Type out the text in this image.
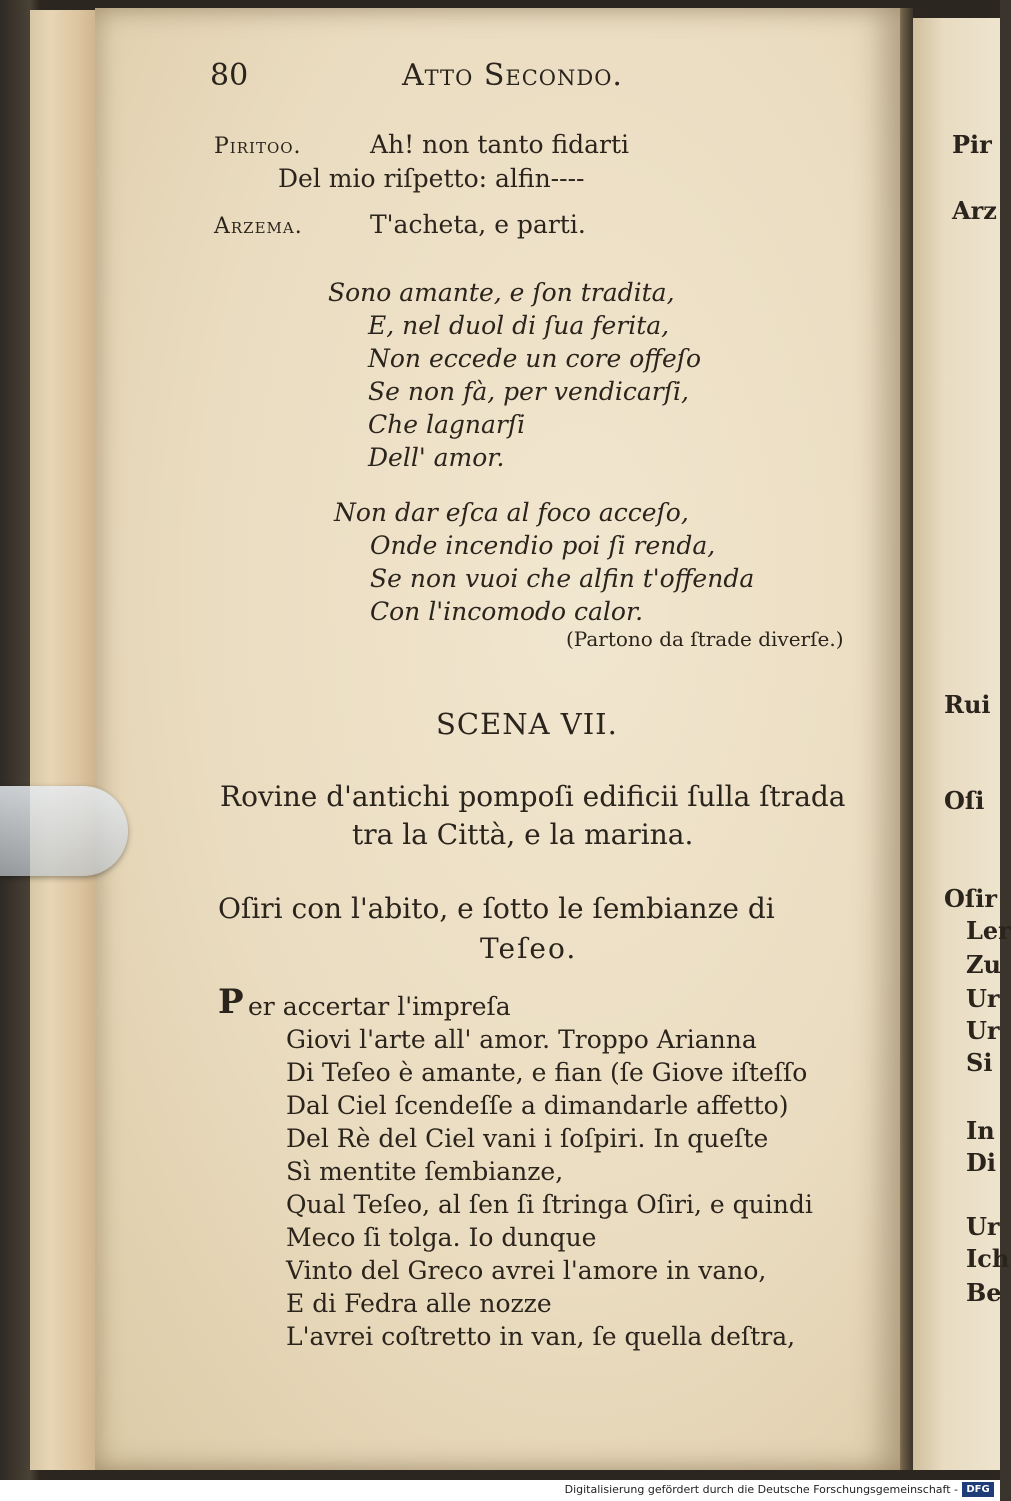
80	Atto Secondo.
Piritoo.	Ah! non tanto fidarti
Del mio riſpetto: alfin----
Arzema.	T'acheta, e parti.
Sono amante, e ſon tradita,
E, nel duol di ſua ferita,
Non eccede un core offeſo
Se non fà, per vendicarſi,
Che lagnarſi
Dell' amor.
Non dar eſca al foco acceſo,
Onde incendio poi ſi renda,
Se non vuoi che alfin t'offenda
Con l'incomodo calor.
(Partono da ſtrade diverſe.)
SCENA VII.
Rovine d'antichi pompoſi edificii ſulla ſtrada
tra la Città, e la marina.
Oſiri con l'abito, e ſotto le ſembianze di
Teſeo.
P er accertar l'impreſa
Giovi l'arte all' amor. Troppo Arianna
Di Teſeo è amante, e fian (ſe Giove iſteſſo
Dal Ciel ſcendeſſe a dimandarle affetto)
Del Rè del Ciel vani i ſoſpiri. In queſte
Sì mentite ſembianze,
Qual Teſeo, al ſen ſi ſtringa Oſiri, e quindi
Meco ſi tolga. Io dunque
Vinto del Greco avrei l'amore in vano,
E di Fedra alle nozze
L'avrei coſtretto in van, ſe quella deſtra,
Pir
Arz
Rui
Oſi
Oſir
Ler
Zu
Ur
Ur
Si
In
Di
Ur
Ich
Be
Digitalisierung gefördert durch die Deutsche Forschungsgemeinschaft - DFG
